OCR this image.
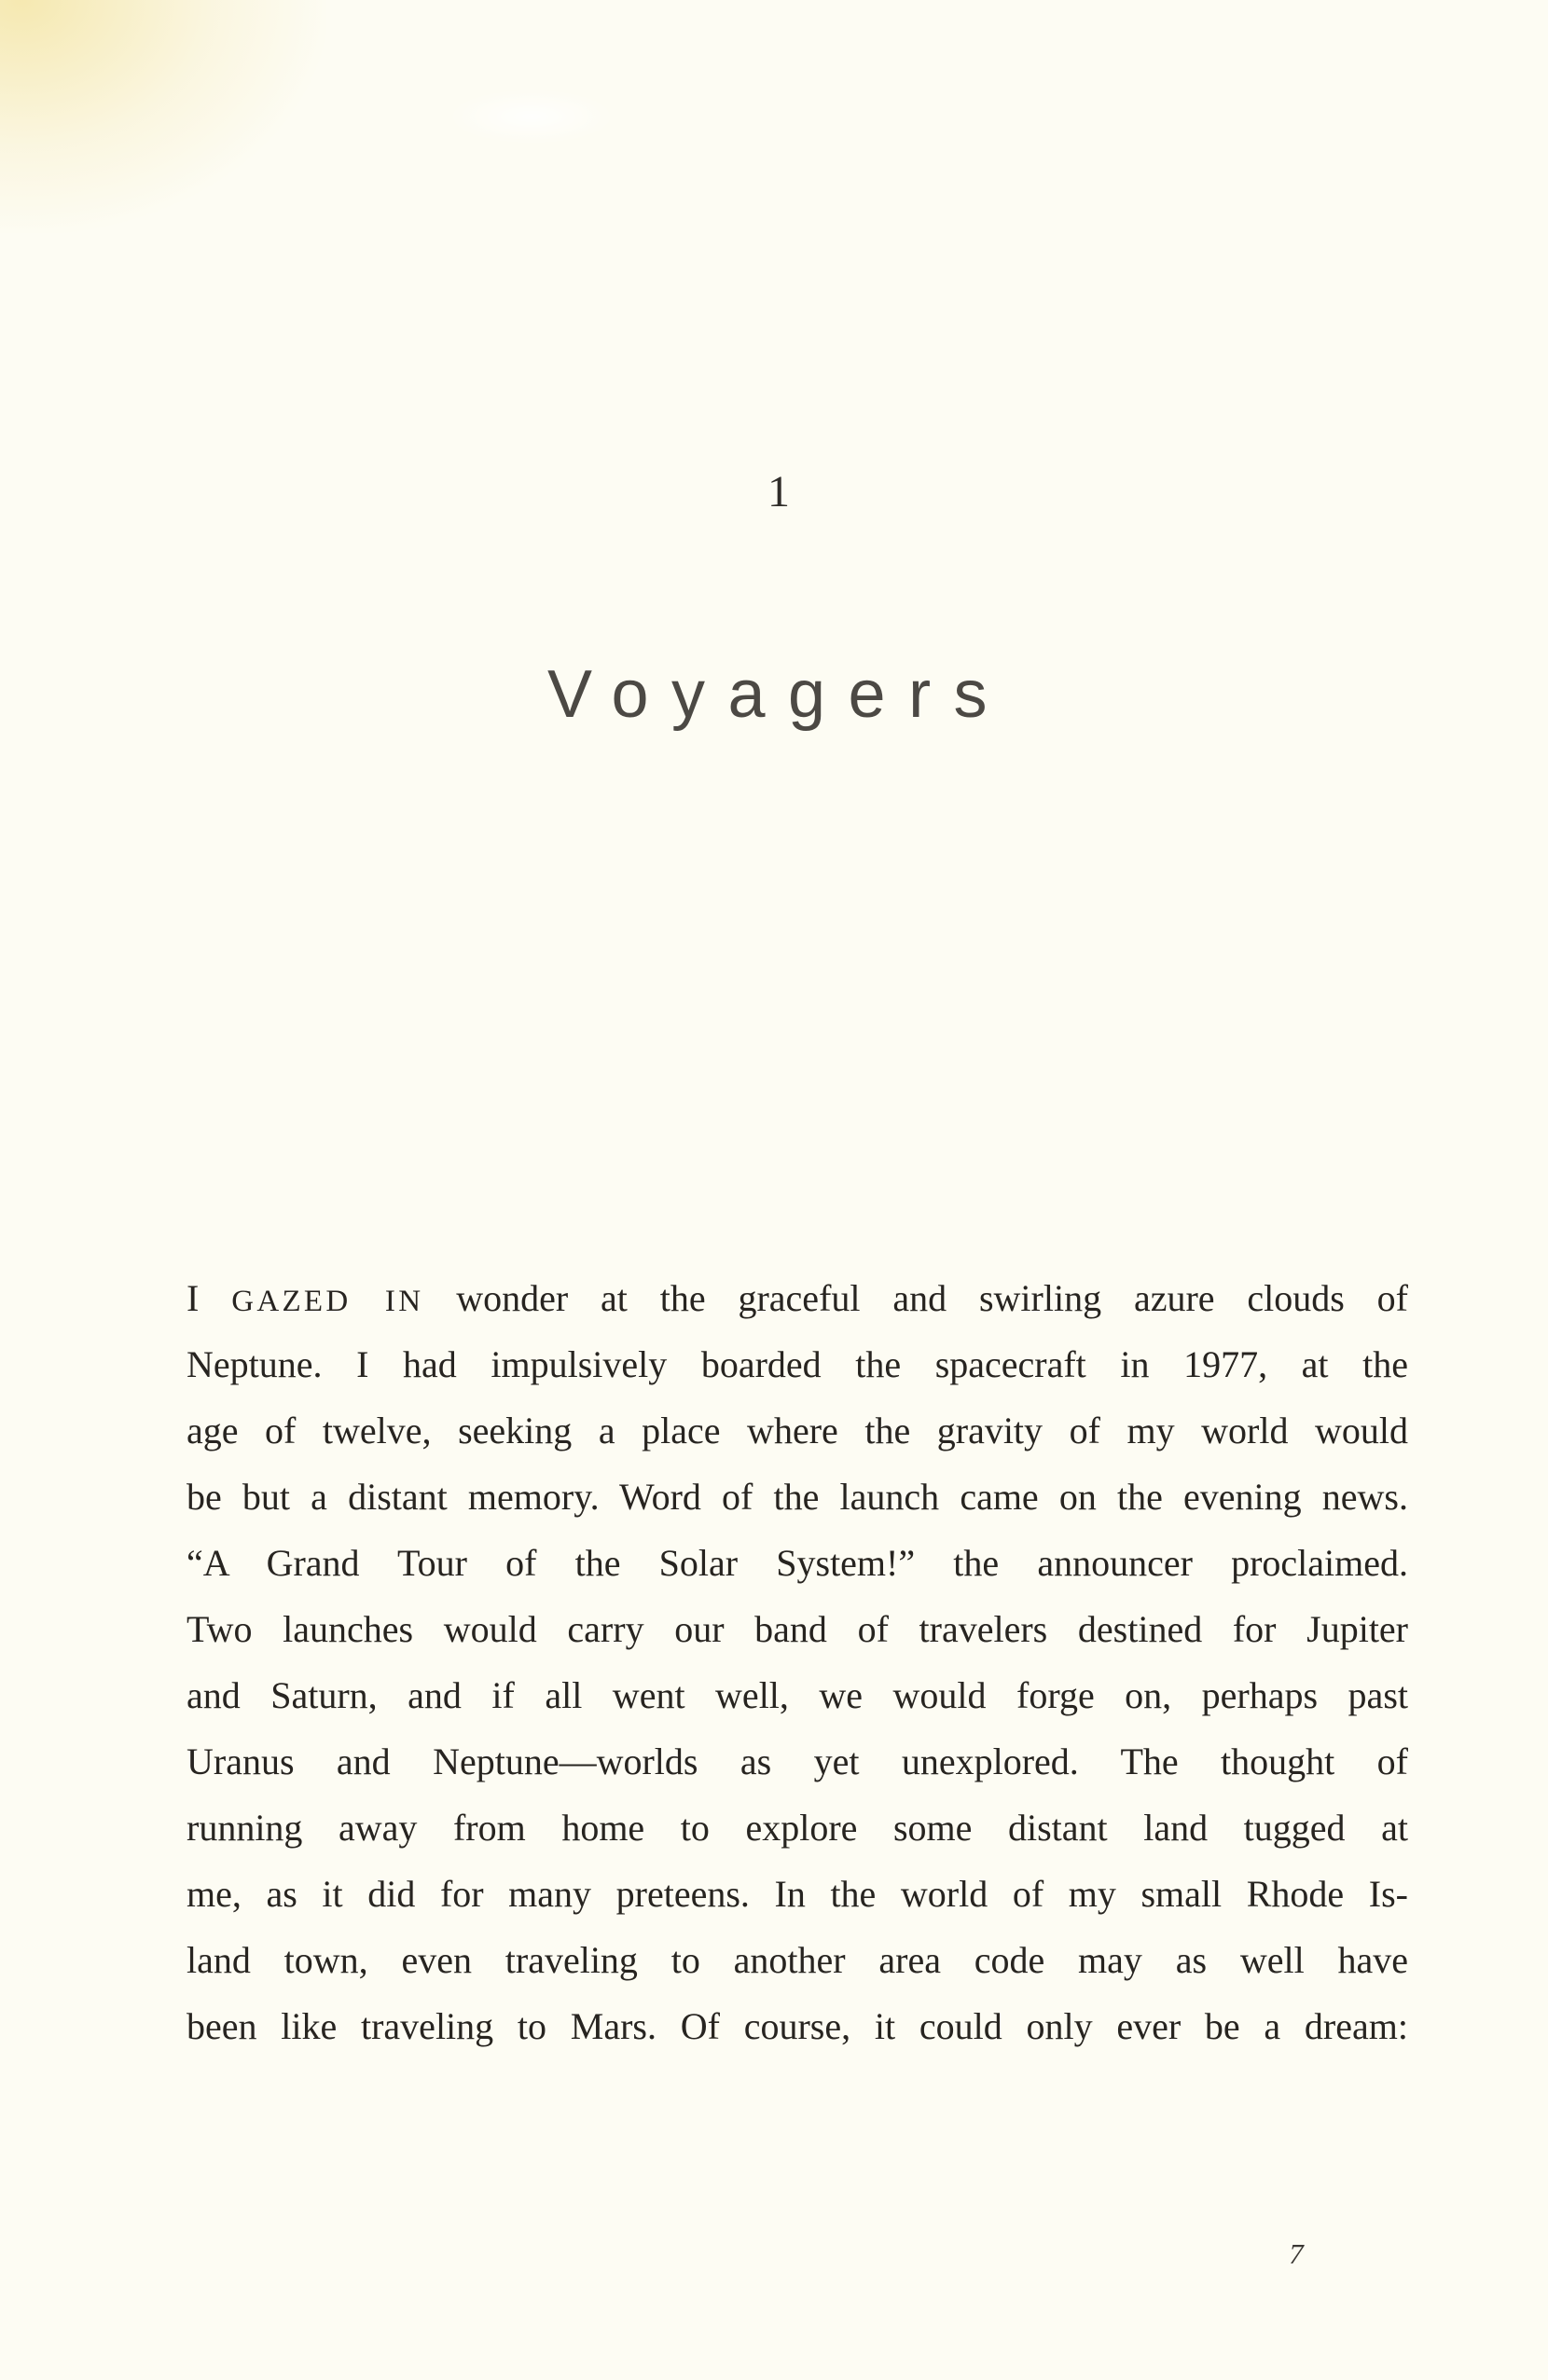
1
Voyagers
I GAZED IN wonder at the graceful and swirling azure clouds of
Neptune. I had impulsively boarded the spacecraft in 1977, at the
age of twelve, seeking a place where the gravity of my world would
be but a distant memory. Word of the launch came on the evening news.
“A Grand Tour of the Solar System!” the announcer proclaimed.
Two launches would carry our band of travelers destined for Jupiter
and Saturn, and if all went well, we would forge on, perhaps past
Uranus and Neptune—worlds as yet unexplored. The thought of
running away from home to explore some distant land tugged at
me, as it did for many preteens. In the world of my small Rhode Is-
land town, even traveling to another area code may as well have
been like traveling to Mars. Of course, it could only ever be a dream:
7
